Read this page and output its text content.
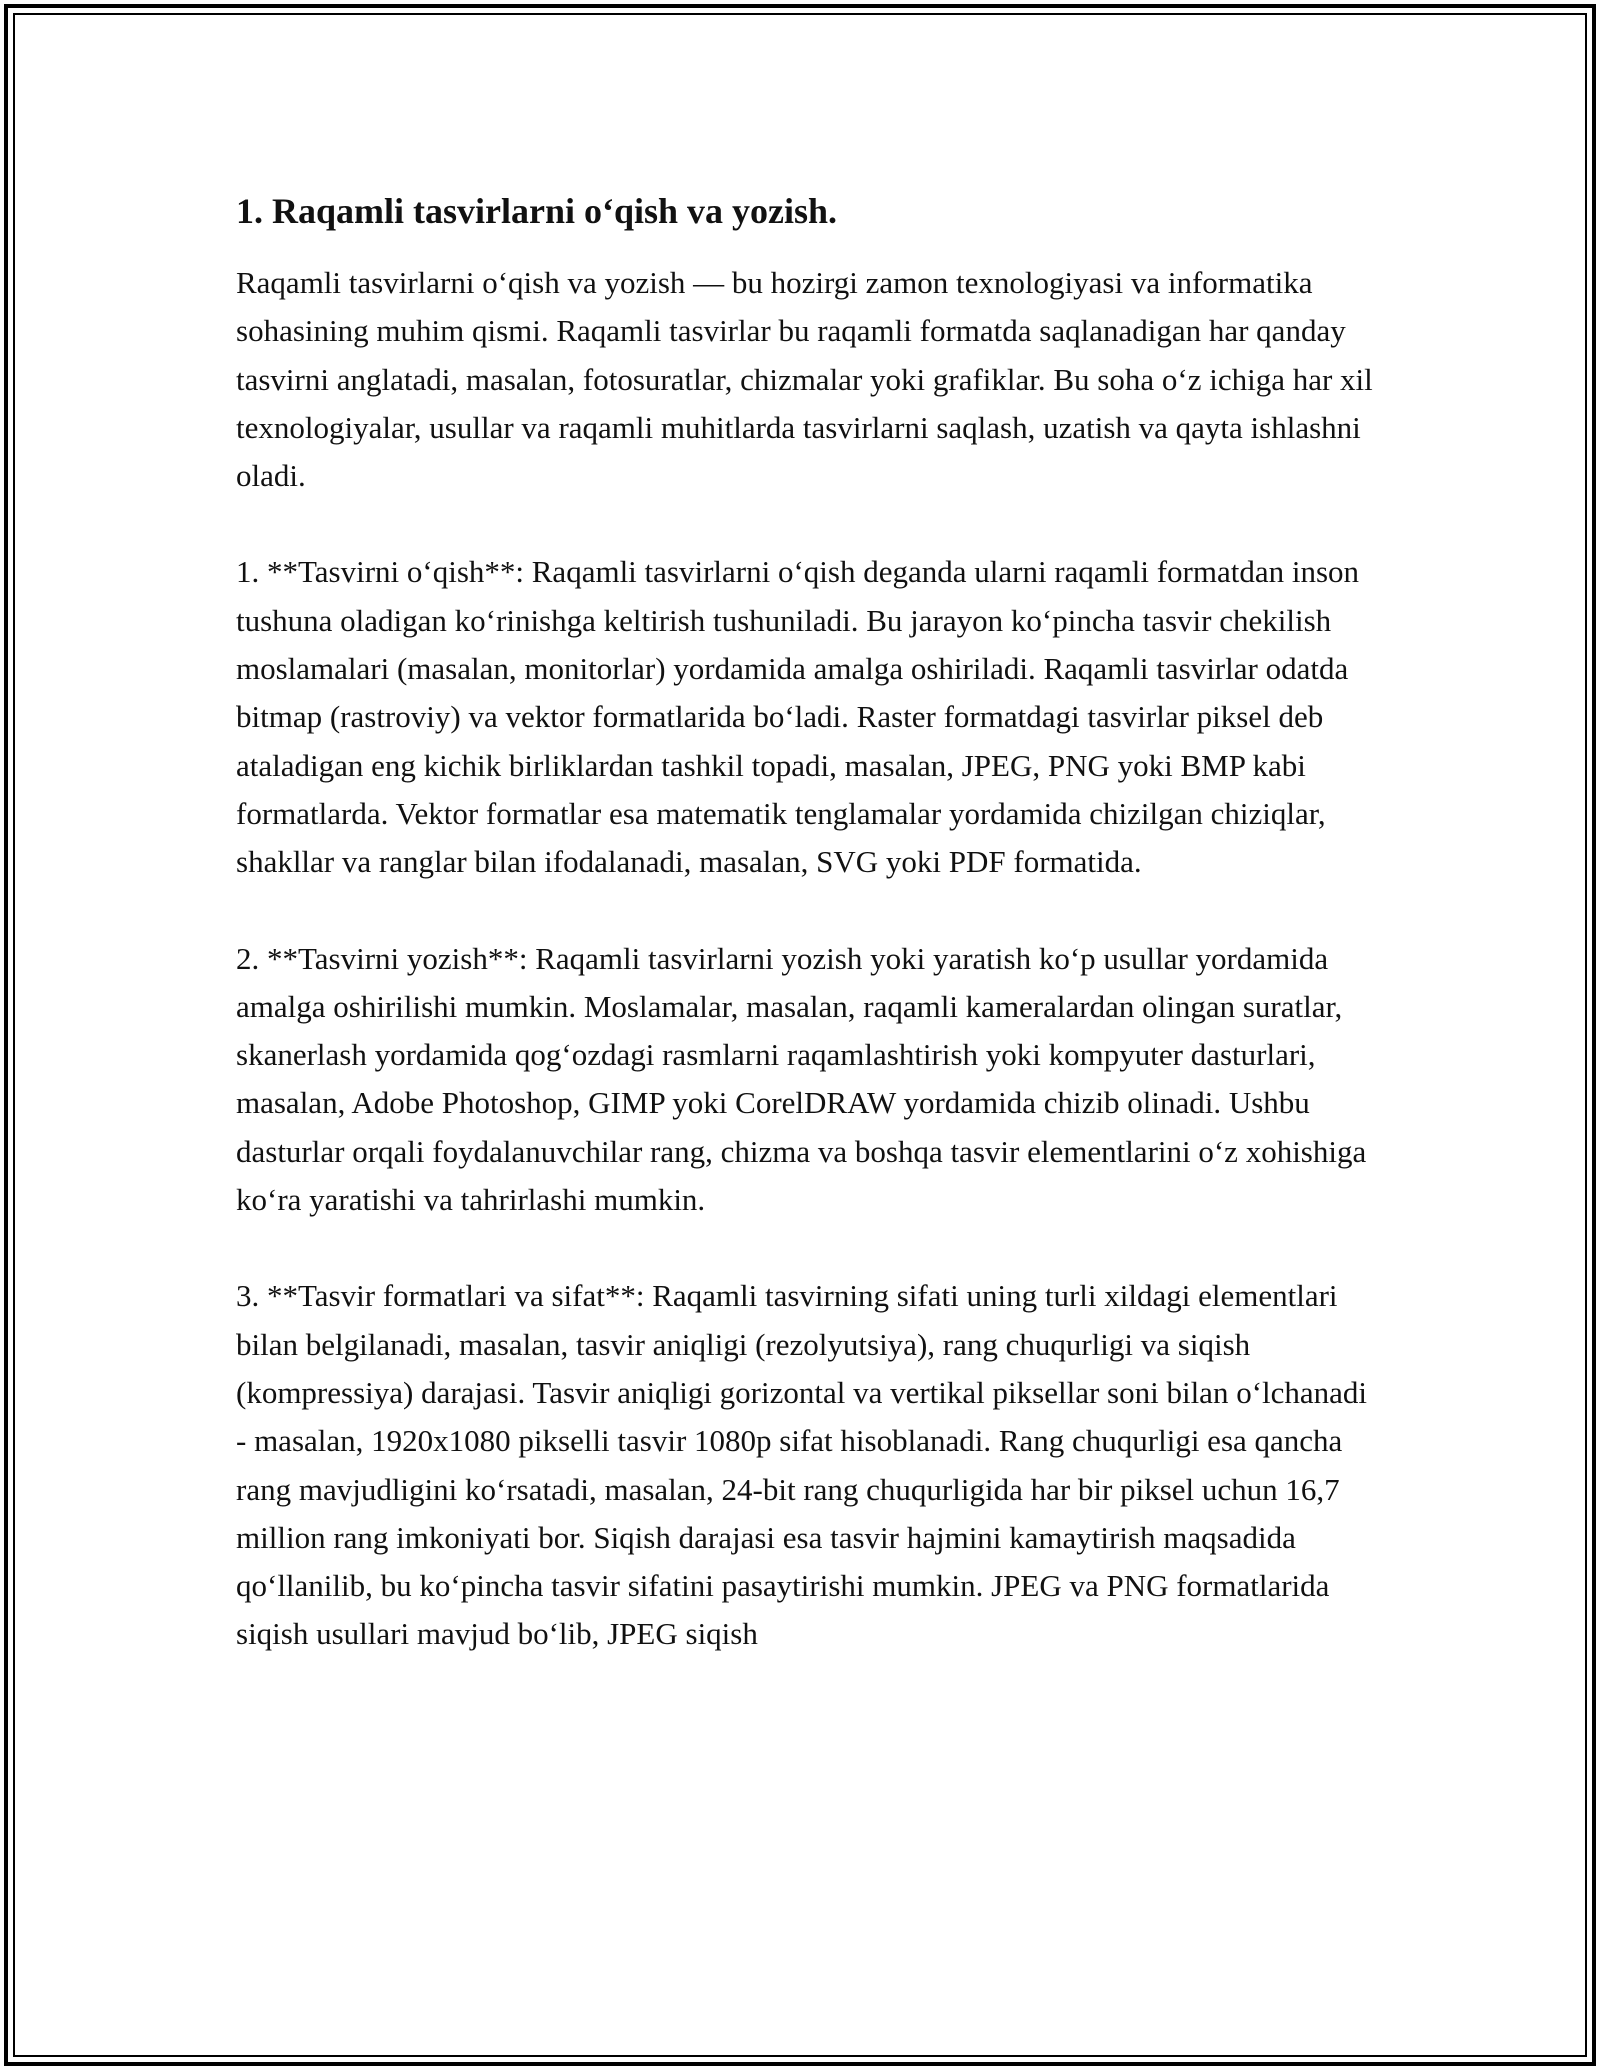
1. Raqamli tasvirlarni o‘qish va yozish.

Raqamli tasvirlarni o‘qish va yozish — bu hozirgi zamon texnologiyasi va informatika sohasining muhim qismi. Raqamli tasvirlar bu raqamli formatda saqlanadigan har qanday tasvirni anglatadi, masalan, fotosuratlar, chizmalar yoki grafiklar. Bu soha o‘z ichiga har xil texnologiyalar, usullar va raqamli muhitlarda tasvirlarni saqlash, uzatish va qayta ishlashni oladi.

1. **Tasvirni o‘qish**: Raqamli tasvirlarni o‘qish deganda ularni raqamli formatdan inson tushuna oladigan ko‘rinishga keltirish tushuniladi. Bu jarayon ko‘pincha tasvir chekilish moslamalari (masalan, monitorlar) yordamida amalga oshiriladi. Raqamli tasvirlar odatda bitmap (rastroviy) va vektor formatlarida bo‘ladi. Raster formatdagi tasvirlar piksel deb ataladigan eng kichik birliklardan tashkil topadi, masalan, JPEG, PNG yoki BMP kabi formatlarda. Vektor formatlar esa matematik tenglamalar yordamida chizilgan chiziqlar, shakllar va ranglar bilan ifodalanadi, masalan, SVG yoki PDF formatida.

2. **Tasvirni yozish**: Raqamli tasvirlarni yozish yoki yaratish ko‘p usullar yordamida amalga oshirilishi mumkin. Moslamalar, masalan, raqamli kameralardan olingan suratlar, skanerlash yordamida qog‘ozdagi rasmlarni raqamlashtirish yoki kompyuter dasturlari, masalan, Adobe Photoshop, GIMP yoki CorelDRAW yordamida chizib olinadi. Ushbu dasturlar orqali foydalanuvchilar rang, chizma va boshqa tasvir elementlarini o‘z xohishiga ko‘ra yaratishi va tahrirlashi mumkin.

3. **Tasvir formatlari va sifat**: Raqamli tasvirning sifati uning turli xildagi elementlari bilan belgilanadi, masalan, tasvir aniqligi (rezolyutsiya), rang chuqurligi va siqish (kompressiya) darajasi. Tasvir aniqligi gorizontal va vertikal piksellar soni bilan o‘lchanadi - masalan, 1920x1080 pikselli tasvir 1080p sifat hisoblanadi. Rang chuqurligi esa qancha rang mavjudligini ko‘rsatadi, masalan, 24-bit rang chuqurligida har bir piksel uchun 16,7 million rang imkoniyati bor. Siqish darajasi esa tasvir hajmini kamaytirish maqsadida qo‘llanilib, bu ko‘pincha tasvir sifatini pasaytirishi mumkin. JPEG va PNG formatlarida siqish usullari mavjud bo‘lib, JPEG siqish
